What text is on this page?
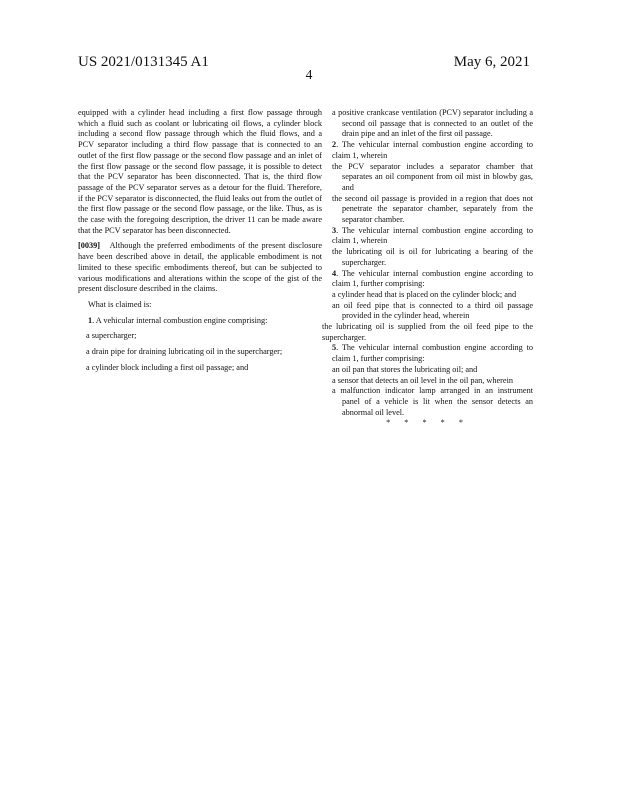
US 2021/0131345 A1	May 6, 2021
4

equipped with a cylinder head including a first flow passage through which a fluid such as coolant or lubricating oil flows, a cylinder block including a second flow passage through which the fluid flows, and a PCV separator including a third flow passage that is connected to an outlet of the first flow passage or the second flow passage and an inlet of the first flow passage or the second flow passage, it is possible to detect that the PCV separator has been disconnected. That is, the third flow passage of the PCV separator serves as a detour for the fluid. Therefore, if the PCV separator is disconnected, the fluid leaks out from the outlet of the first flow passage or the second flow passage, or the like. Thus, as is the case with the foregoing description, the driver 11 can be made aware that the PCV separator has been disconnected.

[0039] Although the preferred embodiments of the present disclosure have been described above in detail, the applicable embodiment is not limited to these specific embodiments thereof, but can be subjected to various modifications and alterations within the scope of the gist of the present disclosure described in the claims.

What is claimed is:

1. A vehicular internal combustion engine comprising:

a supercharger;

a drain pipe for draining lubricating oil in the supercharger;

a cylinder block including a first oil passage; and

a positive crankcase ventilation (PCV) separator including a second oil passage that is connected to an outlet of the drain pipe and an inlet of the first oil passage.

2. The vehicular internal combustion engine according to claim 1, wherein

the PCV separator includes a separator chamber that separates an oil component from oil mist in blowby gas, and

the second oil passage is provided in a region that does not penetrate the separator chamber, separately from the separator chamber.

3. The vehicular internal combustion engine according to claim 1, wherein

the lubricating oil is oil for lubricating a bearing of the supercharger.

4. The vehicular internal combustion engine according to claim 1, further comprising:

a cylinder head that is placed on the cylinder block; and

an oil feed pipe that is connected to a third oil passage provided in the cylinder head, wherein

the lubricating oil is supplied from the oil feed pipe to the supercharger.

5. The vehicular internal combustion engine according to claim 1, further comprising:

an oil pan that stores the lubricating oil; and

a sensor that detects an oil level in the oil pan, wherein

a malfunction indicator lamp arranged in an instrument panel of a vehicle is lit when the sensor detects an abnormal oil level.

* * * * *
